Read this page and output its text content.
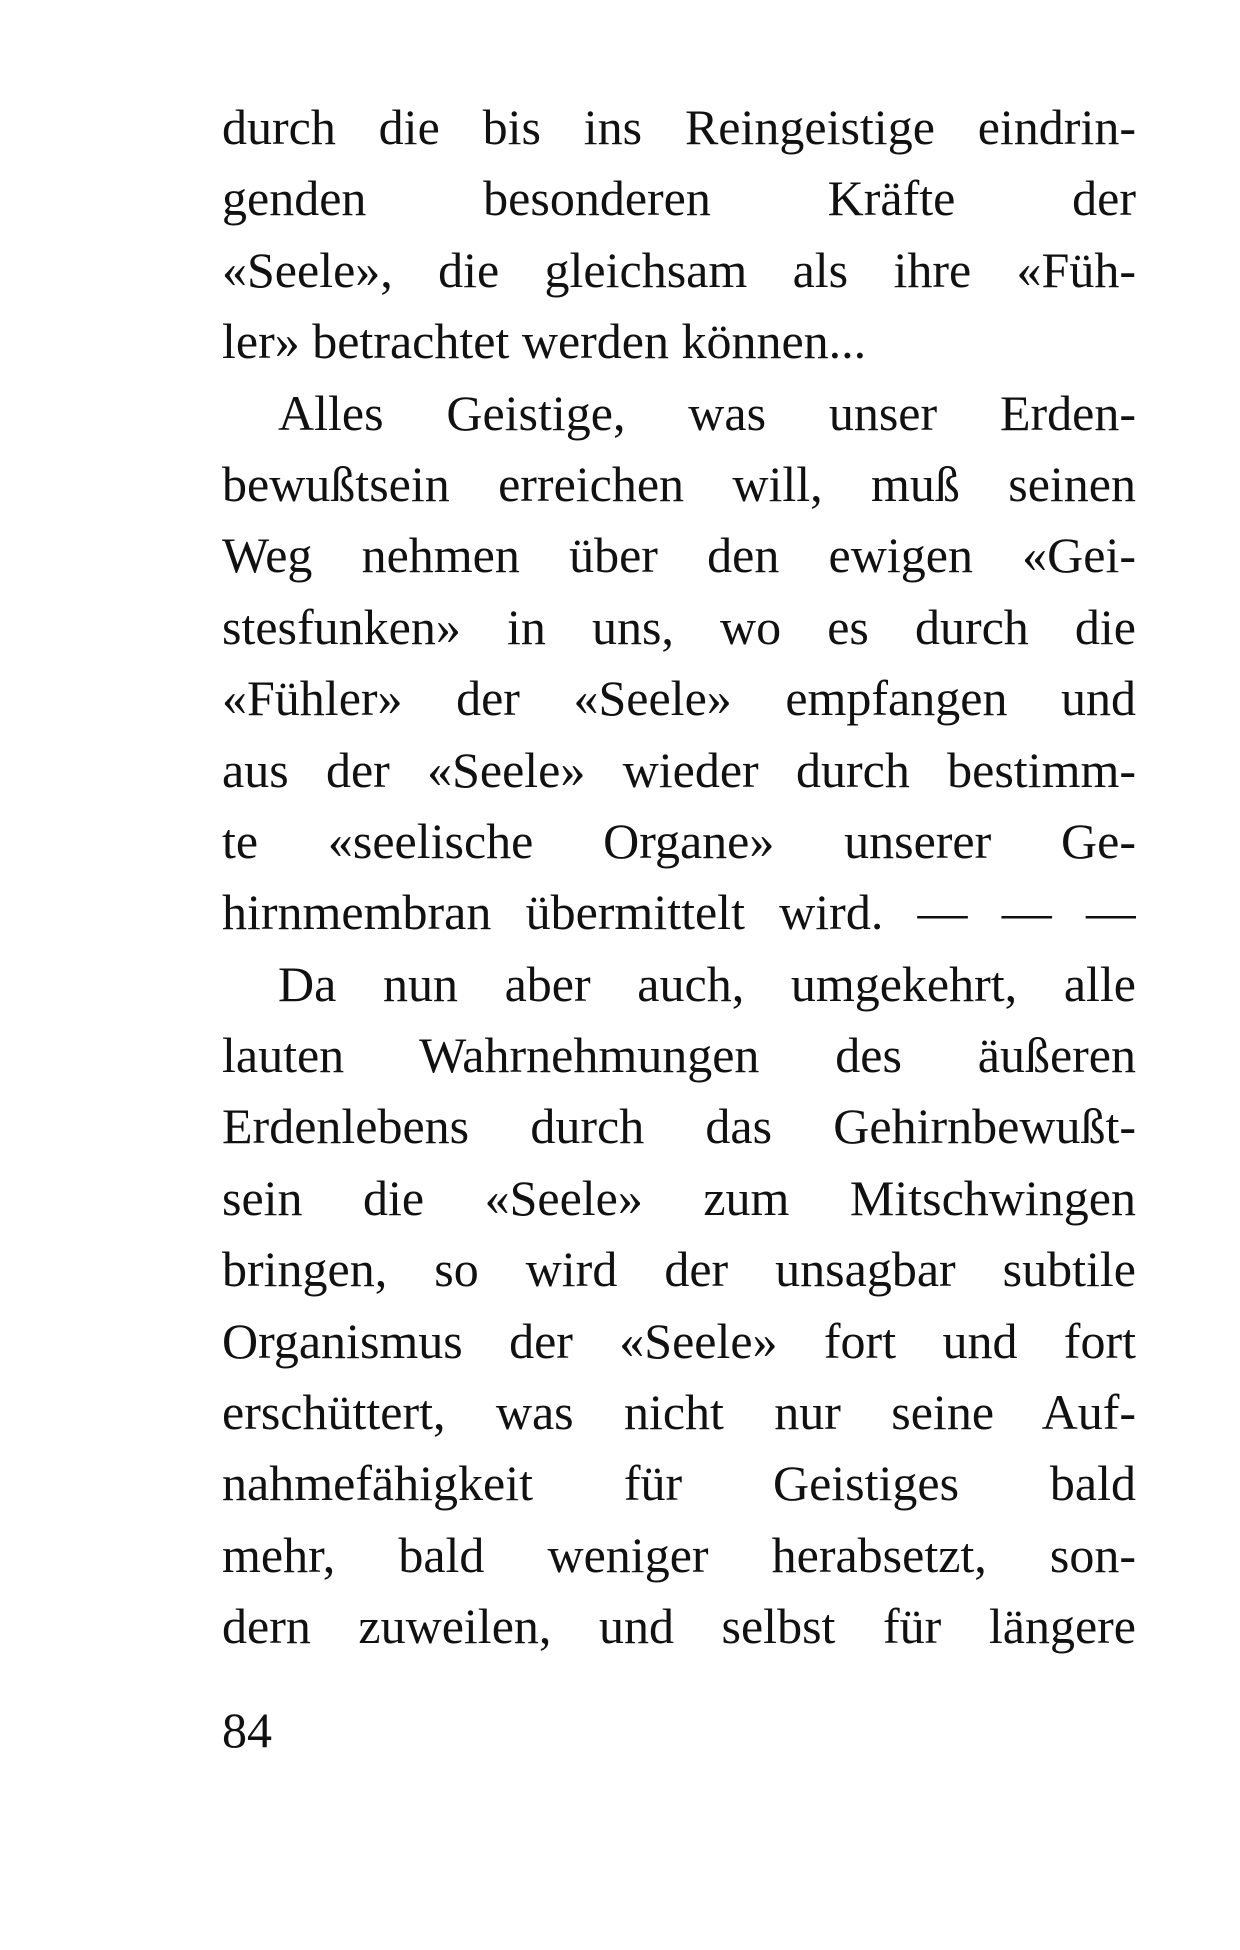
durch die bis ins Reingeistige eindrin-
genden besonderen Kräfte der
«Seele», die gleichsam als ihre «Füh-
ler» betrachtet werden können...
Alles Geistige, was unser Erden-
bewußtsein erreichen will, muß seinen
Weg nehmen über den ewigen «Gei-
stesfunken» in uns, wo es durch die
«Fühler» der «Seele» empfangen und
aus der «Seele» wieder durch bestimm-
te «seelische Organe» unserer Ge-
hirnmembran übermittelt wird. — — —
Da nun aber auch, umgekehrt, alle
lauten Wahrnehmungen des äußeren
Erdenlebens durch das Gehirnbewußt-
sein die «Seele» zum Mitschwingen
bringen, so wird der unsagbar subtile
Organismus der «Seele» fort und fort
erschüttert, was nicht nur seine Auf-
nahmefähigkeit für Geistiges bald
mehr, bald weniger herabsetzt, son-
dern zuweilen, und selbst für längere
84
